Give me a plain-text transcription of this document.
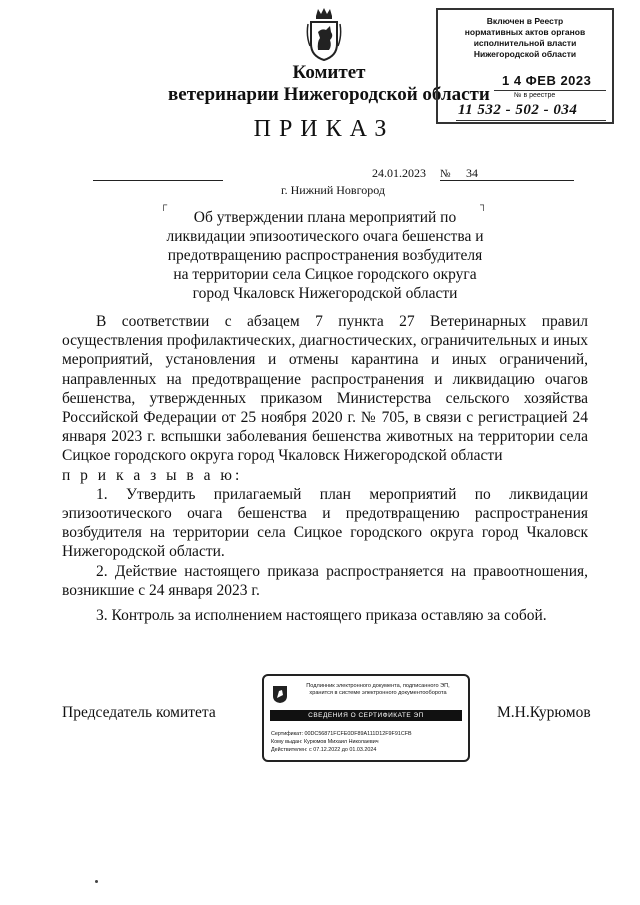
Комитет
ветеринарии Нижегородской области
Включен в Реестр
нормативных актов органов
исполнительной власти
Нижегородской области
1 4 ФЕВ 2023
№ в реестре
11 532 - 502 - 034
ПРИКАЗ
24.01.2023 № 34
г. Нижний Новгород
┌	┐
Об утверждении плана мероприятий по
ликвидации эпизоотического очага бешенства и
предотвращению распространения возбудителя
на территории села Сицкое городского округа
город Чкаловск Нижегородской области

В соответствии с абзацем 7 пункта 27 Ветеринарных правил осуществления профилактических, диагностических, ограничительных и иных мероприятий, установления и отмены карантина и иных ограничений, направленных на предотвращение распространения и ликвидацию очагов бешенства, утвержденных приказом Министерства сельского хозяйства Российской Федерации от 25 ноября 2020 г. № 705, в связи с регистрацией 24 января 2023 г. вспышки заболевания бешенства животных на территории села Сицкое городского округа город Чкаловск Нижегородской области

п р и к а з ы в а ю:

1. Утвердить прилагаемый план мероприятий по ликвидации эпизоотического очага бешенства и предотвращению распространения возбудителя на территории села Сицкое городского округа город Чкаловск Нижегородской области.

2. Действие настоящего приказа распространяется на правоотношения, возникшие с 24 января 2023 г.

3. Контроль за исполнением настоящего приказа оставляю за собой.

Председатель комитета	М.Н.Курюмов
Подлинник электронного документа, подписанного ЭП,
хранится в системе электронного документооборота
СВЕДЕНИЯ О СЕРТИФИКАТЕ ЭП
Сертификат: 00DC56871FCFE0DF89A111D12F9F91CFB
Кому выдан: Курюмов Михаил Николаевич
Действителен: с 07.12.2022 до 01.03.2024
